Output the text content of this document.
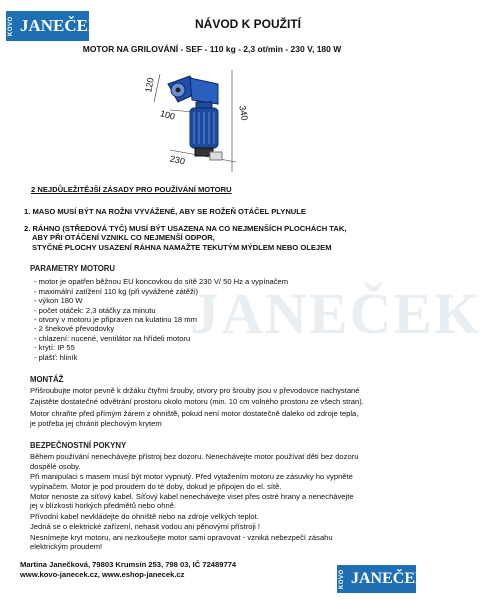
JANEČEK
KOVO JANEČEK	NÁVOD K POUŽITÍ
MOTOR NA GRILOVÁNÍ - SEF - 110 kg - 2,3 ot/min - 230 V, 180 W
120
100	340
230
2 NEJDŮLEŽITĚJŠÍ ZÁSADY PRO POUŽÍVÁNÍ MOTORU
1. MASO MUSÍ BÝT NA ROŽNI VYVÁŽENÉ, ABY SE ROŽEŇ OTÁČEL PLYNULE
2. RÁHNO (STŘEDOVÁ TYČ) MUSÍ BÝT USAZENA NA CO NEJMENŠÍCH PLOCHÁCH TAK,
ABY PŘI OTÁČENÍ VZNIKL CO NEJMENŠÍ ODPOR,
STYČNÉ PLOCHY USAZENÍ RÁHNA NAMAŽTE TEKUTÝM MÝDLEM NEBO OLEJEM
PARAMETRY MOTORU
- motor je opatřen běžnou EU koncovkou do sítě 230 V/ 50 Hz a vypínačem
- maximální zatížení 110 kg (při vyvážené zátěži)
- výkon 180 W
- počet otáček: 2,3 otáčky za minutu
- otvory v motoru je připraven na kulatinu 18 mm
- 2 šnekové převodovky
- chlazení: nucené, ventilátor na hřídeli motoru
- krytí: IP 55
- plášť: hliník
MONTÁŽ
Přišroubujte motor pevně k držáku čtyřmi šrouby, otvory pro šrouby jsou v převodovce nachystané
Zajistěte dostatečné odvětrání prostoru okolo motoru (min. 10 cm volného prostoru ze všech stran).
Motor chraňte před přímým žárem z ohniště, pokud není motor dostatečně daleko od zdroje tepla,
je potřeba jej chránit plechovým krytem
BEZPEČNOSTNÍ POKYNY
Během používání nenechávejte přístroj bez dozoru. Nenechávejte motor používat děti bez dozoru
dospělé osoby.
Při manipulaci s masem musí být motor vypnutý. Před vytažením motoru ze zásuvky ho vypněte
vypínačem. Motor je pod proudem do té doby, dokud je připojen do el. sítě.
Motor nenoste za síťový kabel. Síťový kabel nenechávejte viset přes ostré hrany a nenechávejte
jej v blízkosti horkých předmětů nebo ohně.
Přívodní kabel nevkládejte do ohniště nebo na zdroje velkých teplot.
Jedná se o elektrické zařízení, nehasit vodou ani pěnovými přístroji !
Nesnímejte kryt motoru, ani nezkoušejte motor sami opravovat - vzniká nebezpečí zásahu
elektrickým proudem!
Martina Janečková, 79803 Krumsín 253, 798 03, IČ 72489774
www.kovo-janecek.cz, www.eshop-janecek.cz	KOVO JANEČEK
